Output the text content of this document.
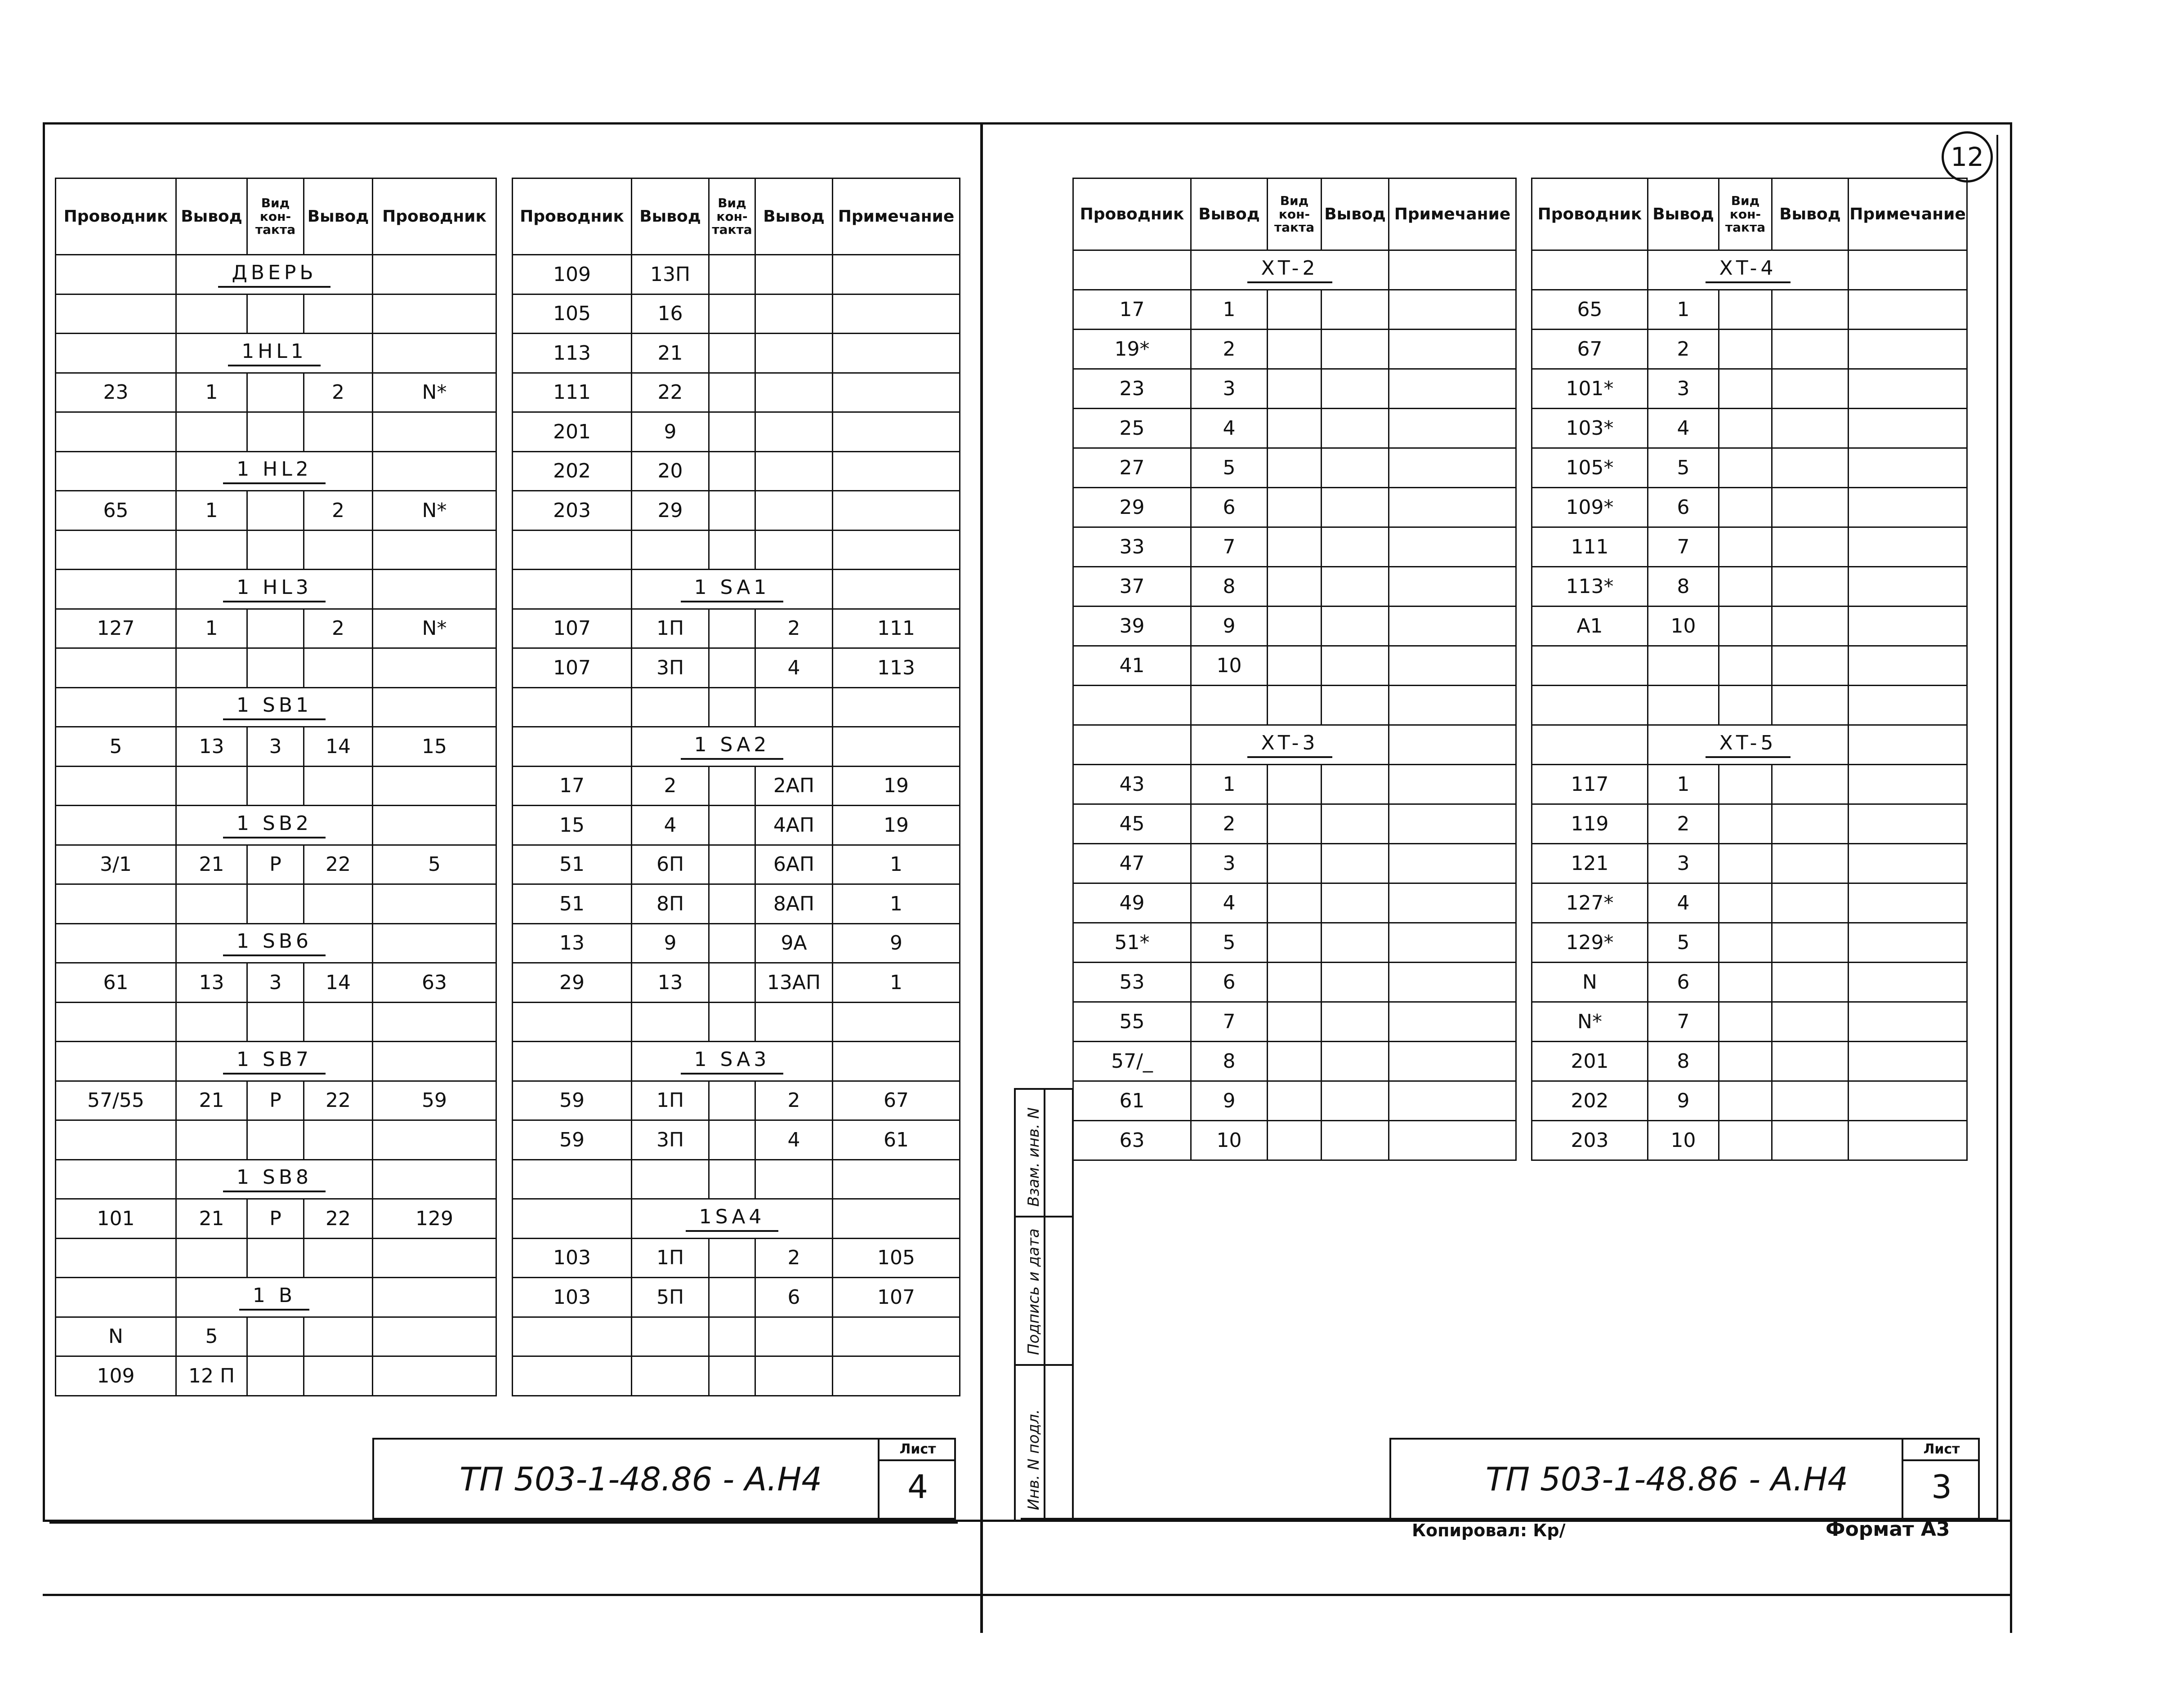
12
Проводник	Вывод	Вид кон-такта	Вывод	Проводник
	ДВЕРЬ			

	1HL1			
23	1		2	N*

	1 HL2			
65	1		2	N*

	1 HL3			
127	1		2	N*

	1 SB1			
5	13	3	14	15

	1 SB2			
3/1	21	P	22	5

	1 SB6			
61	13	3	14	63

	1 SB7			
57/55	21	P	22	59

	1 SB8			
101	21	P	22	129

	1 B			
N	5			
109	12 П			
Проводник	Вывод	Вид кон-такта	Вывод	Примечание
109	13П			
105	16			
113	21			
111	22			
201	9			
202	20			
203	29			

	1 SA1			
107	1П		2	111
107	3П		4	113

	1 SA2			
17	2		2АП	19
15	4		4АП	19
51	6П		6АП	1
51	8П		8АП	1
13	9		9А	9
29	13		13АП	1

	1 SA3			
59	1П		2	67
59	3П		4	61

	1SA4			
103	1П		2	105
103	5П		6	107

ТП 503-1-48.86 - А.Н4
Лист
4
Проводник	Вывод	Вид кон-такта	Вывод	Примечание
	XT-2			
17	1			
19*	2			
23	3			
25	4			
27	5			
29	6			
33	7			
37	8			
39	9			
41	10			

	XT-3			
43	1			
45	2			
47	3			
49	4			
51*	5			
53	6			
55	7			
57/_	8			
61	9			
63	10			
Проводник	Вывод	Вид кон-такта	Вывод	Примечание
	XT-4			
65	1			
67	2			
101*	3			
103*	4			
105*	5			
109*	6			
111	7			
113*	8			
A1	10			

	XT-5			
117	1			
119	2			
121	3			
127*	4			
129*	5			
N	6			
N*	7			
201	8			
202	9			
203	10			
Взам. инв. N
Подпись и дата
Инв. N подл.	ТП 503-1-48.86 - А.Н4
Лист
3
Копировал: Кр/	Формат А3
